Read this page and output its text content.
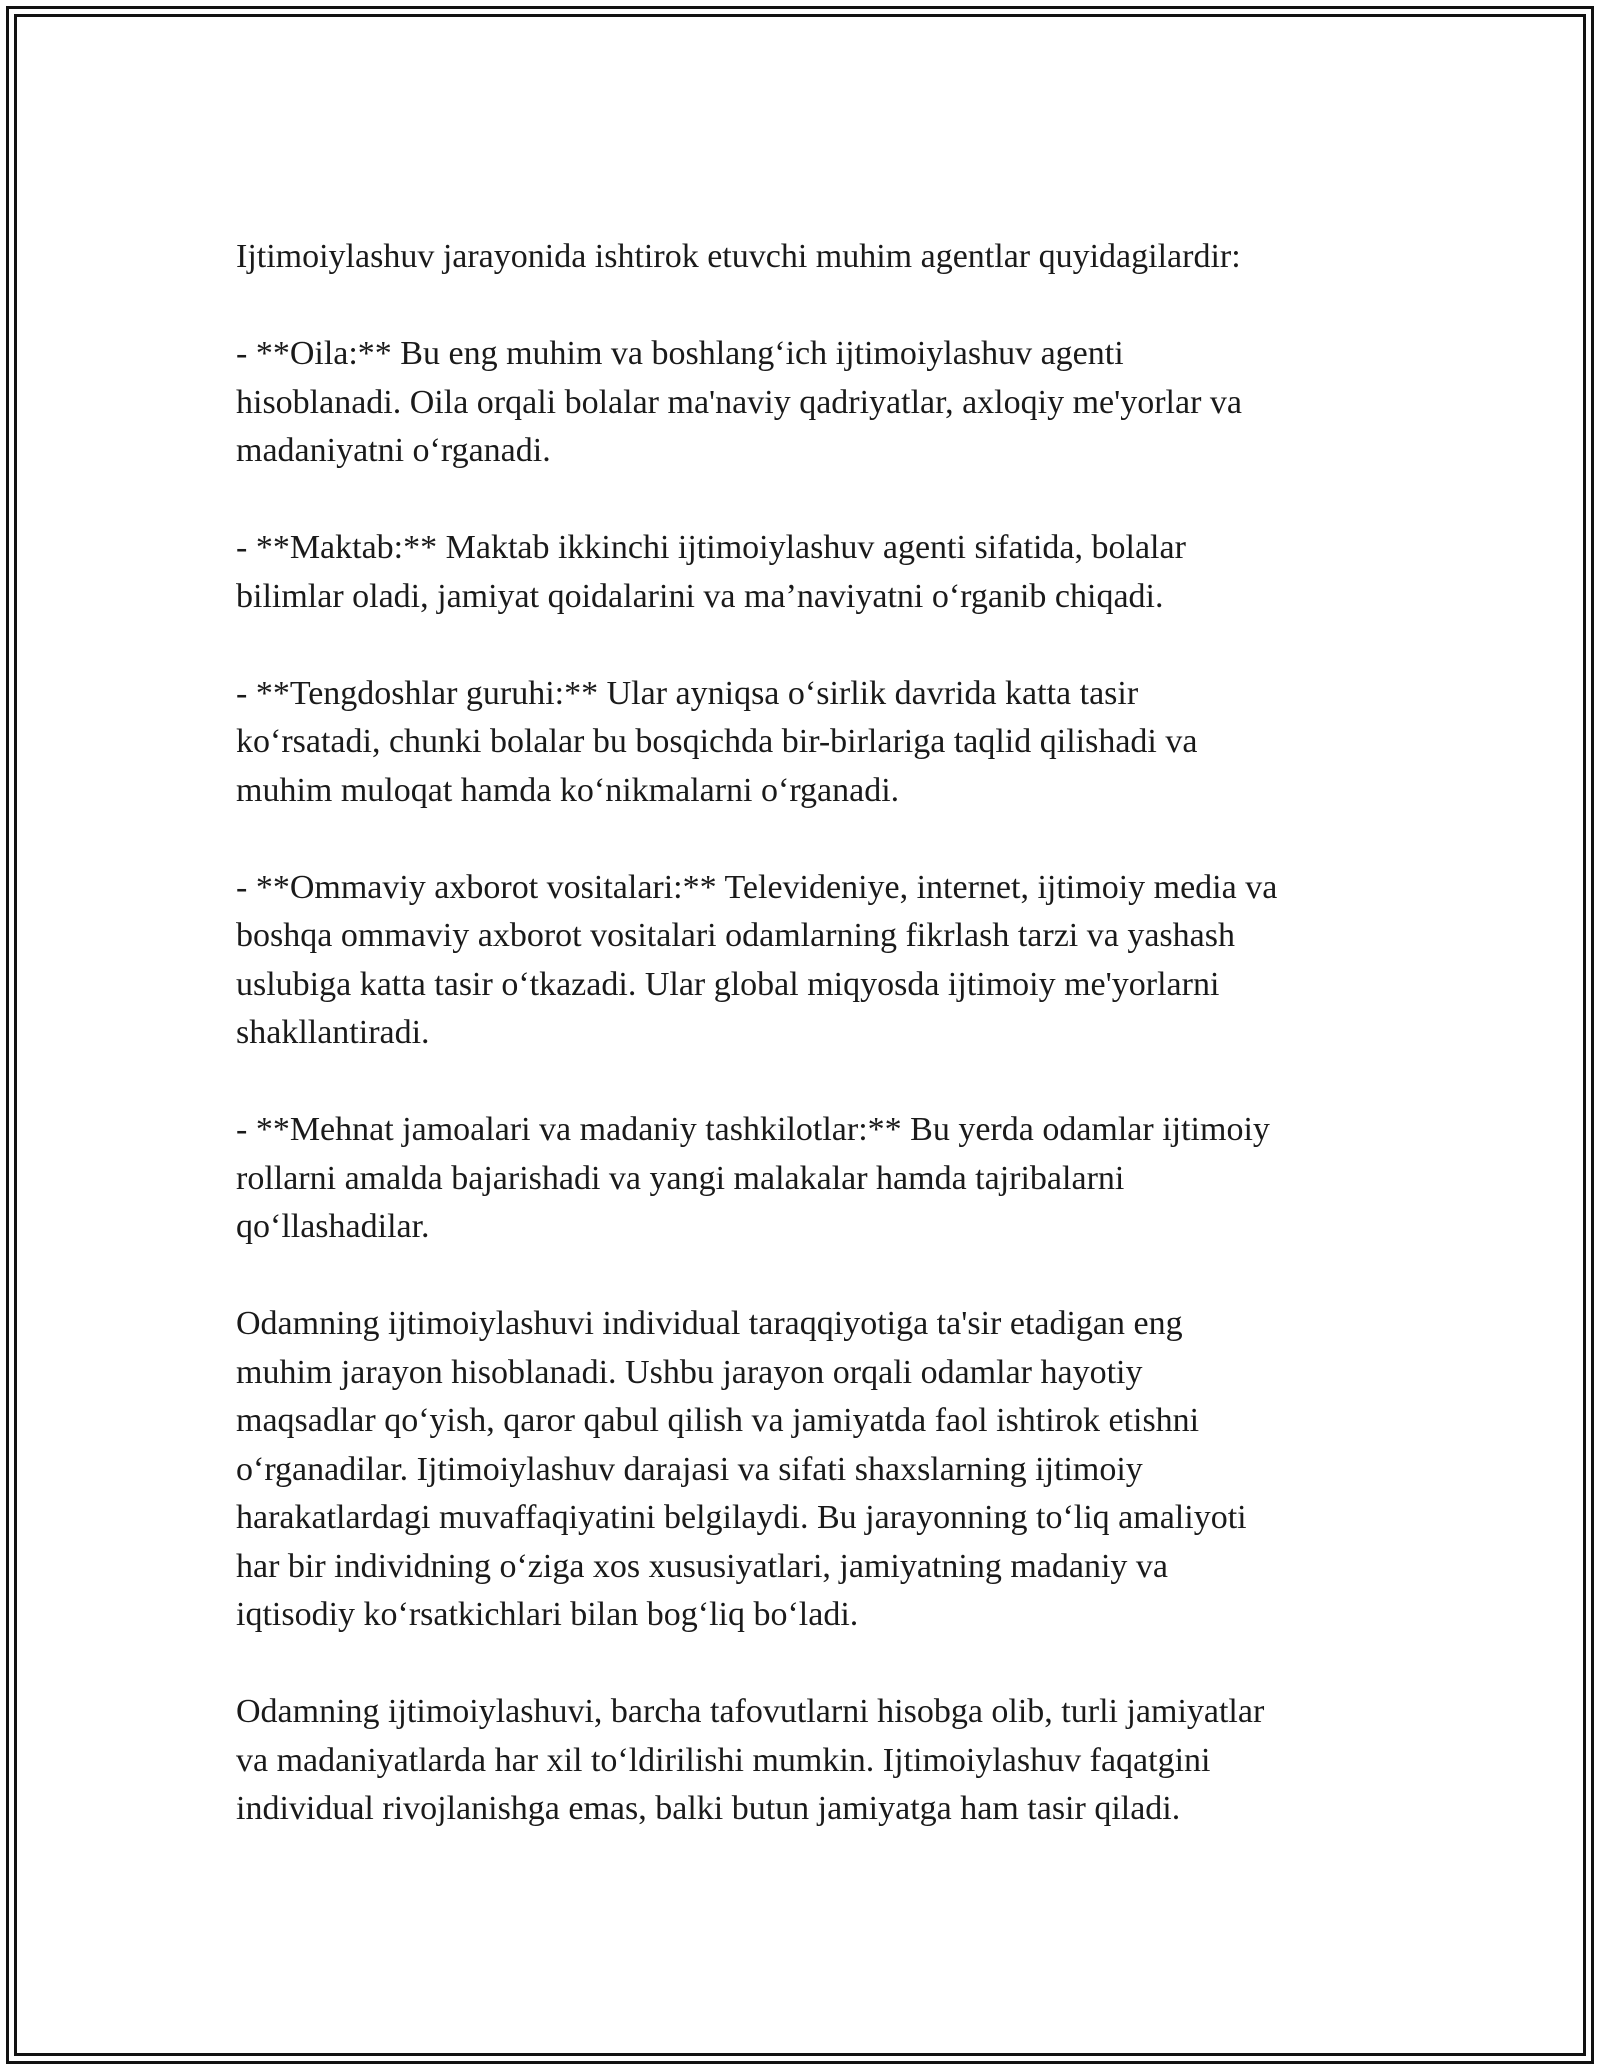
Ijtimoiylashuv jarayonida ishtirok etuvchi muhim agentlar quyidagilardir:

- **Oila:** Bu eng muhim va boshlang‘ich ijtimoiylashuv agenti
hisoblanadi. Oila orqali bolalar ma'naviy qadriyatlar, axloqiy me'yorlar va
madaniyatni o‘rganadi.

- **Maktab:** Maktab ikkinchi ijtimoiylashuv agenti sifatida, bolalar
bilimlar oladi, jamiyat qoidalarini va ma’naviyatni o‘rganib chiqadi.

- **Tengdoshlar guruhi:** Ular ayniqsa o‘sirlik davrida katta tasir
ko‘rsatadi, chunki bolalar bu bosqichda bir-birlariga taqlid qilishadi va
muhim muloqat hamda ko‘nikmalarni o‘rganadi.

- **Ommaviy axborot vositalari:** Televideniye, internet, ijtimoiy media va
boshqa ommaviy axborot vositalari odamlarning fikrlash tarzi va yashash
uslubiga katta tasir o‘tkazadi. Ular global miqyosda ijtimoiy me'yorlarni
shakllantiradi.

- **Mehnat jamoalari va madaniy tashkilotlar:** Bu yerda odamlar ijtimoiy
rollarni amalda bajarishadi va yangi malakalar hamda tajribalarni
qo‘llashadilar.

Odamning ijtimoiylashuvi individual taraqqiyotiga ta'sir etadigan eng
muhim jarayon hisoblanadi. Ushbu jarayon orqali odamlar hayotiy
maqsadlar qo‘yish, qaror qabul qilish va jamiyatda faol ishtirok etishni
o‘rganadilar. Ijtimoiylashuv darajasi va sifati shaxslarning ijtimoiy
harakatlardagi muvaffaqiyatini belgilaydi. Bu jarayonning to‘liq amaliyoti
har bir individning o‘ziga xos xususiyatlari, jamiyatning madaniy va
iqtisodiy ko‘rsatkichlari bilan bog‘liq bo‘ladi.

Odamning ijtimoiylashuvi, barcha tafovutlarni hisobga olib, turli jamiyatlar
va madaniyatlarda har xil to‘ldirilishi mumkin. Ijtimoiylashuv faqatgini
individual rivojlanishga emas, balki butun jamiyatga ham tasir qiladi.
